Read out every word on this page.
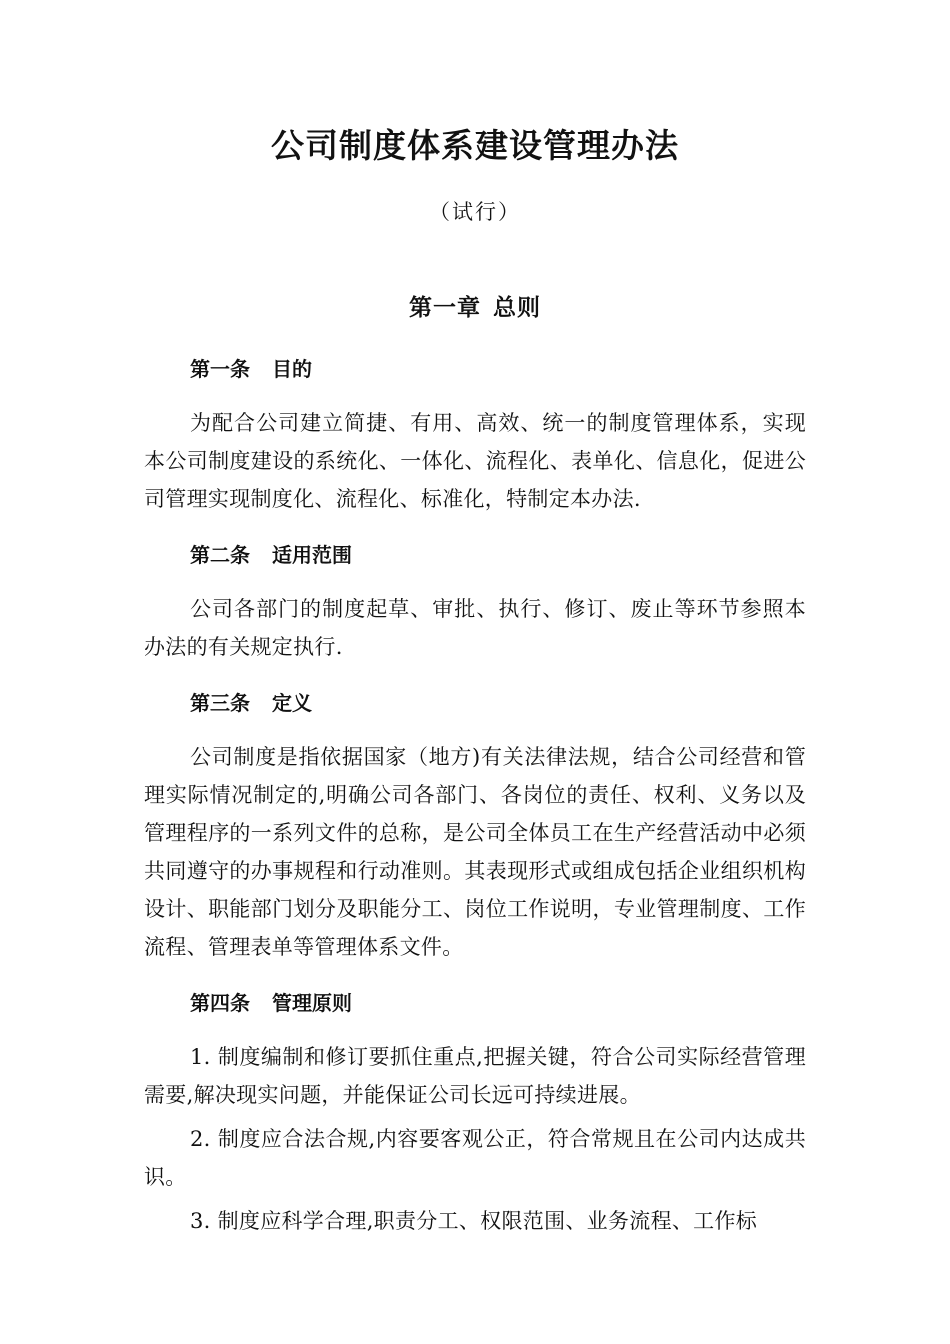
公司制度体系建设管理办法
（试行）
第一章 总则
第一条 目的

为配合公司建立简捷、有用、高效、统一的制度管理体系，实现本公司制度建设的系统化、一体化、流程化、表单化、信息化，促进公司管理实现制度化、流程化、标准化，特制定本办法.

第二条 适用范围

公司各部门的制度起草、审批、执行、修订、废止等环节参照本办法的有关规定执行.

第三条 定义

公司制度是指依据国家（地方)有关法律法规，结合公司经营和管理实际情况制定的,明确公司各部门、各岗位的责任、权利、义务以及管理程序的一系列文件的总称，是公司全体员工在生产经营活动中必须共同遵守的办事规程和行动准则。其表现形式或组成包括企业组织机构设计、职能部门划分及职能分工、岗位工作说明，专业管理制度、工作流程、管理表单等管理体系文件。

第四条 管理原则

1. 制度编制和修订要抓住重点,把握关键，符合公司实际经营管理需要,解决现实问题，并能保证公司长远可持续进展。

2. 制度应合法合规,内容要客观公正，符合常规且在公司内达成共识。

3. 制度应科学合理,职责分工、权限范围、业务流程、工作标
